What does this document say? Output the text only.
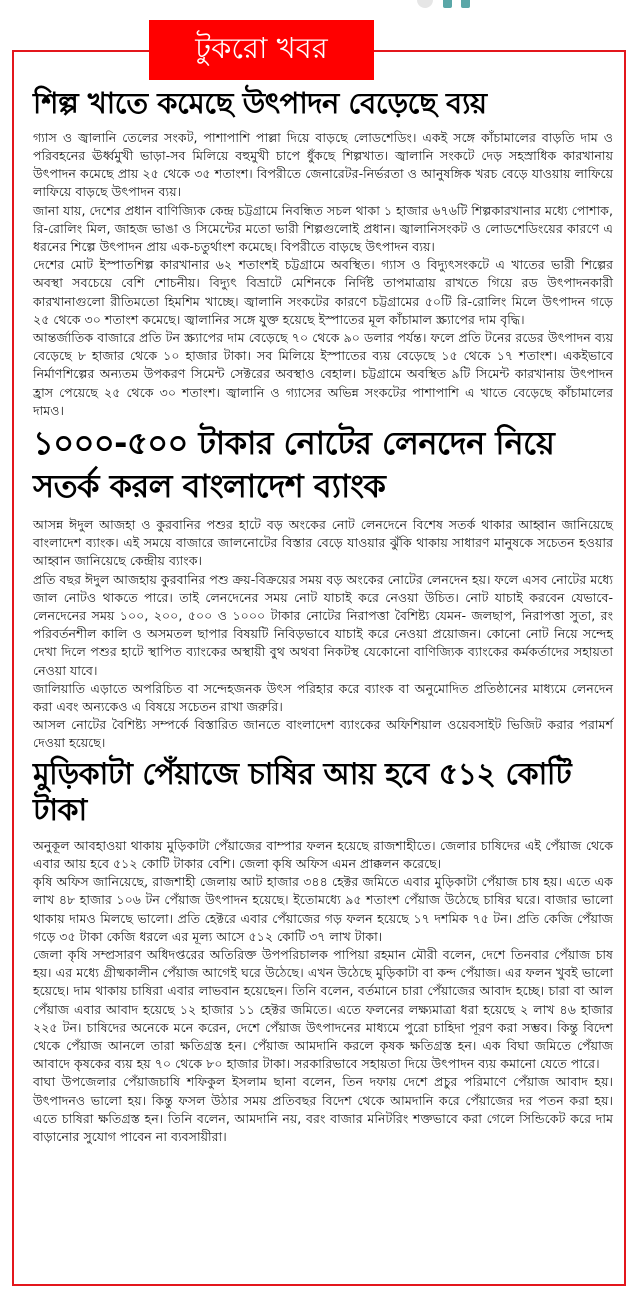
টুকরো খবর
শিল্প খাতে কমেছে উৎপাদন বেড়েছে ব্যয়

গ্যাস ও জ্বালানি তেলের সংকট, পাশাপাশি পাল্লা দিয়ে বাড়ছে লোডশেডিং। একই সঙ্গে কাঁচামালের বাড়তি দাম ও পরিবহনের ঊর্ধ্বমুখী ভাড়া-সব মিলিয়ে বহুমুখী চাপে ধুঁকছে শিল্পখাত। জ্বালানি সংকটে দেড় সহস্রাধিক কারখানায় উৎপাদন কমেছে প্রায় ২৫ থেকে ৩৫ শতাংশ। বিপরীতে জেনারেটর-নির্ভরতা ও আনুষঙ্গিক খরচ বেড়ে যাওয়ায় লাফিয়ে লাফিয়ে বাড়ছে উৎপাদন ব্যয়।

জানা যায়, দেশের প্রধান বাণিজ্যিক কেন্দ্র চট্টগ্রামে নিবন্ধিত সচল থাকা ১ হাজার ৬৭৬টি শিল্পকারখানার মধ্যে পোশাক, রি-রোলিং মিল, জাহজ ভাঙা ও সিমেন্টের মতো ভারী শিল্পগুলোই প্রধান। জ্বালানিসংকট ও লোডশেডিংয়ের কারণে এ ধরনের শিল্পে উৎপাদন প্রায় এক-চতুর্থাংশ কমেছে। বিপরীতে বাড়ছে উৎপাদন ব্যয়।

দেশের মোট ইস্পাতশিল্প কারখানার ৬২ শতাংশই চট্টগ্রামে অবস্থিত। গ্যাস ও বিদ্যুৎসংকটে এ খাতের ভারী শিল্পের অবস্থা সবচেয়ে বেশি শোচনীয়। বিদ্যুৎ বিভ্রাটে মেশিনকে নির্দিষ্ট তাপমাত্রায় রাখতে গিয়ে রড উৎপাদনকারী কারখানাগুলো রীতিমতো হিমশিম খাচ্ছে। জ্বালানি সংকটের কারণে চট্টগ্রামের ৫০টি রি-রোলিং মিলে উৎপাদন গড়ে ২৫ থেকে ৩০ শতাংশ কমেছে। জ্বালানির সঙ্গে যুক্ত হয়েছে ইস্পাতের মূল কাঁচামাল স্ক্র্যাপের দাম বৃদ্ধি।

আন্তর্জাতিক বাজারে প্রতি টন স্ক্র্যাপের দাম বেড়েছে ৭০ থেকে ৯০ ডলার পর্যন্ত। ফলে প্রতি টনের রডের উৎপাদন ব্যয় বেড়েছে ৮ হাজার থেকে ১০ হাজার টাকা। সব মিলিয়ে ইস্পাতের ব্যয় বেড়েছে ১৫ থেকে ১৭ শতাংশ। একইভাবে নির্মাণশিল্পের অন্যতম উপকরণ সিমেন্ট সেক্টরের অবস্থাও বেহাল। চট্টগ্রামে অবস্থিত ৯টি সিমেন্ট কারখানায় উৎপাদন হ্রাস পেয়েছে ২৫ থেকে ৩০ শতাংশ। জ্বালানি ও গ্যাসের অভিন্ন সংকটের পাশাপাশি এ খাতে বেড়েছে কাঁচামালের দামও।

১০০০-৫০০ টাকার নোটের লেনদেন নিয়ে সতর্ক করল বাংলাদেশ ব্যাংক

আসন্ন ঈদুল আজহা ও কুরবানির পশুর হাটে বড় অংকের নোট লেনদেনে বিশেষ সতর্ক থাকার আহ্বান জানিয়েছে বাংলাদেশ ব্যাংক। এই সময়ে বাজারে জালনোটের বিস্তার বেড়ে যাওয়ার ঝুঁকি থাকায় সাধারণ মানুষকে সচেতন হওয়ার আহ্বান জানিয়েছে কেন্দ্রীয় ব্যাংক।

প্রতি বছর ঈদুল আজহায় কুরবানির পশু ক্রয়-বিক্রয়ের সময় বড় অংকের নোটের লেনদেন হয়। ফলে এসব নোটের মধ্যে জাল নোটও থাকতে পারে। তাই লেনদেনের সময় নোট যাচাই করে নেওয়া উচিত। নোট যাচাই করবেন যেভাবে- লেনদেনের সময় ১০০, ২০০, ৫০০ ও ১০০০ টাকার নোটের নিরাপত্তা বৈশিষ্ট্য যেমন- জলছাপ, নিরাপত্তা সুতা, রং পরিবর্তনশীল কালি ও অসমতল ছাপার বিষয়টি নিবিড়ভাবে যাচাই করে নেওয়া প্রয়োজন। কোনো নোট নিয়ে সন্দেহ দেখা দিলে পশুর হাটে স্থাপিত ব্যাংকের অস্থায়ী বুথ অথবা নিকটস্থ যেকোনো বাণিজ্যিক ব্যাংকের কর্মকর্তাদের সহায়তা নেওয়া যাবে।

জালিয়াতি এড়াতে অপরিচিত বা সন্দেহজনক উৎস পরিহার করে ব্যাংক বা অনুমোদিত প্রতিষ্ঠানের মাধ্যমে লেনদেন করা এবং অন্যকেও এ বিষয়ে সচেতন রাখা জরুরি।

আসল নোটের বৈশিষ্ট্য সম্পর্কে বিস্তারিত জানতে বাংলাদেশ ব্যাংকের অফিশিয়াল ওয়েবসাইট ভিজিট করার পরামর্শ দেওয়া হয়েছে।

মুড়িকাটা পেঁয়াজে চাষির আয় হবে ৫১২ কোটি টাকা

অনুকূল আবহাওয়া থাকায় মুড়িকাটা পেঁয়াজের বাম্পার ফলন হয়েছে রাজশাহীতে। জেলার চাষিদের এই পেঁয়াজ থেকে এবার আয় হবে ৫১২ কোটি টাকার বেশি। জেলা কৃষি অফিস এমন প্রাক্কলন করেছে।

কৃষি অফিস জানিয়েছে, রাজশাহী জেলায় আট হাজার ৩৪৪ হেক্টর জমিতে এবার মুড়িকাটা পেঁয়াজ চাষ হয়। এতে এক লাখ ৪৮ হাজার ১০৬ টন পেঁয়াজ উৎপাদন হয়েছে। ইতোমধ্যে ৯৫ শতাংশ পেঁয়াজ উঠেছে চাষির ঘরে। বাজার ভালো থাকায় দামও মিলছে ভালো। প্রতি হেক্টরে এবার পেঁয়াজের গড় ফলন হয়েছে ১৭ দশমিক ৭৫ টন। প্রতি কেজি পেঁয়াজ গড়ে ৩৫ টাকা কেজি ধরলে এর মূল্য আসে ৫১২ কোটি ৩৭ লাখ টাকা।

জেলা কৃষি সম্প্রসারণ অধিদপ্তরের অতিরিক্ত উপপরিচালক পাপিয়া রহমান মৌরী বলেন, দেশে তিনবার পেঁয়াজ চাষ হয়। এর মধ্যে গ্রীষ্মকালীন পেঁয়াজ আগেই ঘরে উঠেছে। এখন উঠেছে মুড়িকাটা বা কন্দ পেঁয়াজ। এর ফলন খুবই ভালো হয়েছে। দাম থাকায় চাষিরা এবার লাভবান হয়েছেন। তিনি বলেন, বর্তমানে চারা পেঁয়াজের আবাদ হচ্ছে। চারা বা আল পেঁয়াজ এবার আবাদ হয়েছে ১২ হাজার ১১ হেক্টর জমিতে। এতে ফলনের লক্ষ্যমাত্রা ধরা হয়েছে ২ লাখ ৪৬ হাজার ২২৫ টন। চাষিদের অনেকে মনে করেন, দেশে পেঁয়াজ উৎপাদনের মাধ্যমে পুরো চাহিদা পূরণ করা সম্ভব। কিন্তু বিদেশ থেকে পেঁয়াজ আনলে তারা ক্ষতিগ্রস্ত হন। পেঁয়াজ আমদানি করলে কৃষক ক্ষতিগ্রস্ত হন। এক বিঘা জমিতে পেঁয়াজ আবাদে কৃষকের ব্যয় হয় ৭০ থেকে ৮০ হাজার টাকা। সরকারিভাবে সহায়তা দিয়ে উৎপাদন ব্যয় কমানো যেতে পারে।

বাঘা উপজেলার পেঁয়াজচাষি শফিকুল ইসলাম ছানা বলেন, তিন দফায় দেশে প্রচুর পরিমাণে পেঁয়াজ আবাদ হয়। উৎপাদনও ভালো হয়। কিন্তু ফসল উঠার সময় প্রতিবছর বিদেশ থেকে আমদানি করে পেঁয়াজের দর পতন করা হয়। এতে চাষিরা ক্ষতিগ্রস্ত হন। তিনি বলেন, আমদানি নয়, বরং বাজার মনিটরিং শক্তভাবে করা গেলে সিন্ডিকেট করে দাম বাড়ানোর সুযোগ পাবেন না ব্যবসায়ীরা।
